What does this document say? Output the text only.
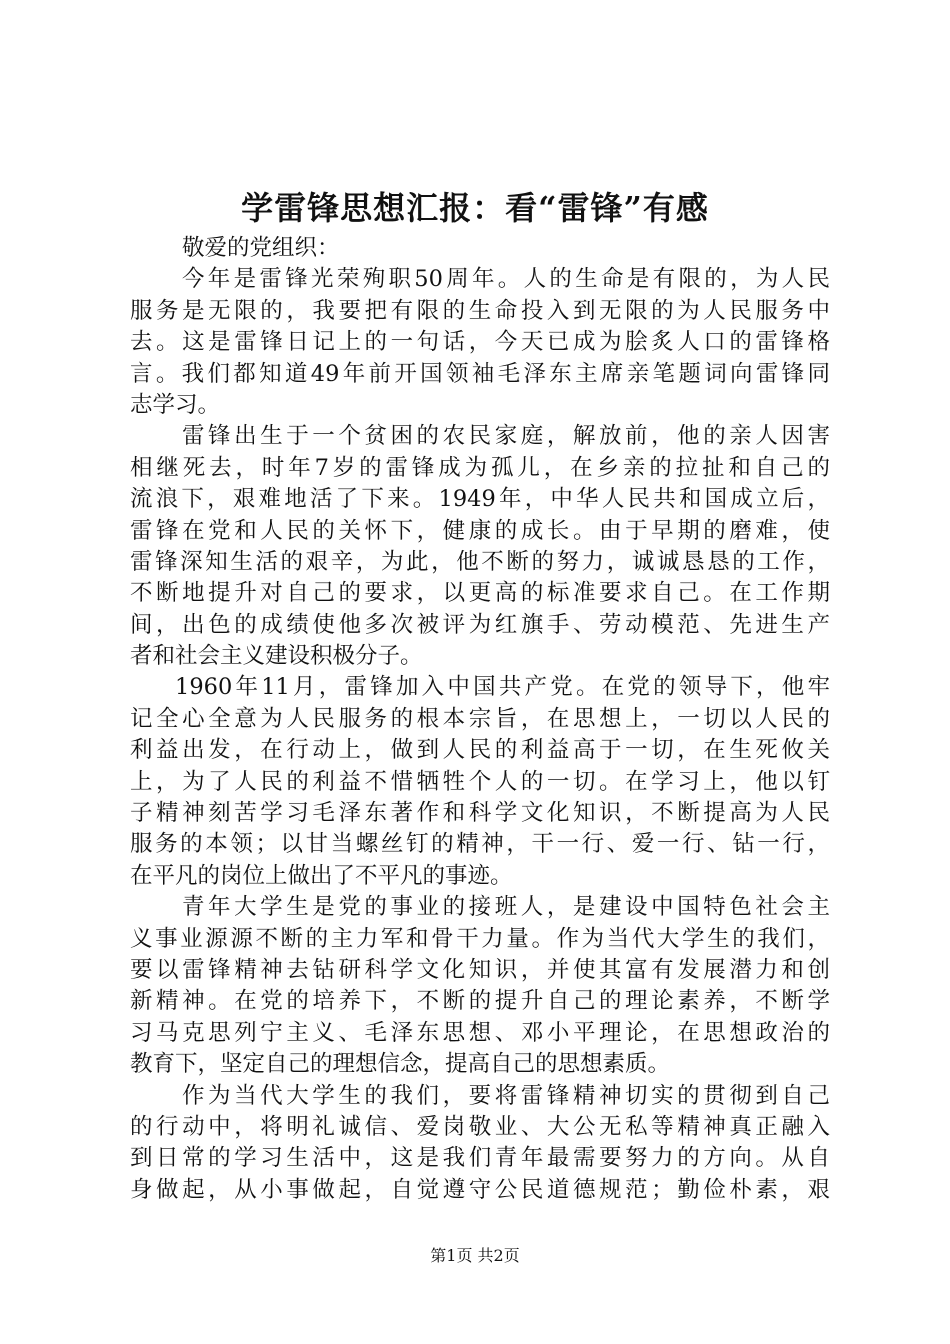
学雷锋思想汇报：看“雷锋”有感
敬爱的党组织：
今年是雷锋光荣殉职50周年。人的生命是有限的，为人民
服务是无限的，我要把有限的生命投入到无限的为人民服务中
去。这是雷锋日记上的一句话，今天已成为脍炙人口的雷锋格
言。我们都知道49年前开国领袖毛泽东主席亲笔题词向雷锋同
志学习。
雷锋出生于一个贫困的农民家庭，解放前，他的亲人因害
相继死去，时年7岁的雷锋成为孤儿，在乡亲的拉扯和自己的
流浪下，艰难地活了下来。1949年，中华人民共和国成立后，
雷锋在党和人民的关怀下，健康的成长。由于早期的磨难，使
雷锋深知生活的艰辛，为此，他不断的努力，诚诚恳恳的工作，
不断地提升对自己的要求，以更高的标准要求自己。在工作期
间，出色的成绩使他多次被评为红旗手、劳动模范、先进生产
者和社会主义建设积极分子。
1960年11月，雷锋加入中国共产党。在党的领导下，他牢
记全心全意为人民服务的根本宗旨，在思想上，一切以人民的
利益出发，在行动上，做到人民的利益高于一切，在生死攸关
上，为了人民的利益不惜牺牲个人的一切。在学习上，他以钉
子精神刻苦学习毛泽东著作和科学文化知识，不断提高为人民
服务的本领；以甘当螺丝钉的精神，干一行、爱一行、钻一行，
在平凡的岗位上做出了不平凡的事迹。
青年大学生是党的事业的接班人，是建设中国特色社会主
义事业源源不断的主力军和骨干力量。作为当代大学生的我们，
要以雷锋精神去钻研科学文化知识，并使其富有发展潜力和创
新精神。在党的培养下，不断的提升自己的理论素养，不断学
习马克思列宁主义、毛泽东思想、邓小平理论，在思想政治的
教育下，坚定自己的理想信念，提高自己的思想素质。
作为当代大学生的我们，要将雷锋精神切实的贯彻到自己
的行动中，将明礼诚信、爱岗敬业、大公无私等精神真正融入
到日常的学习生活中，这是我们青年最需要努力的方向。从自
身做起，从小事做起，自觉遵守公民道德规范；勤俭朴素，艰
第1页 共2页
